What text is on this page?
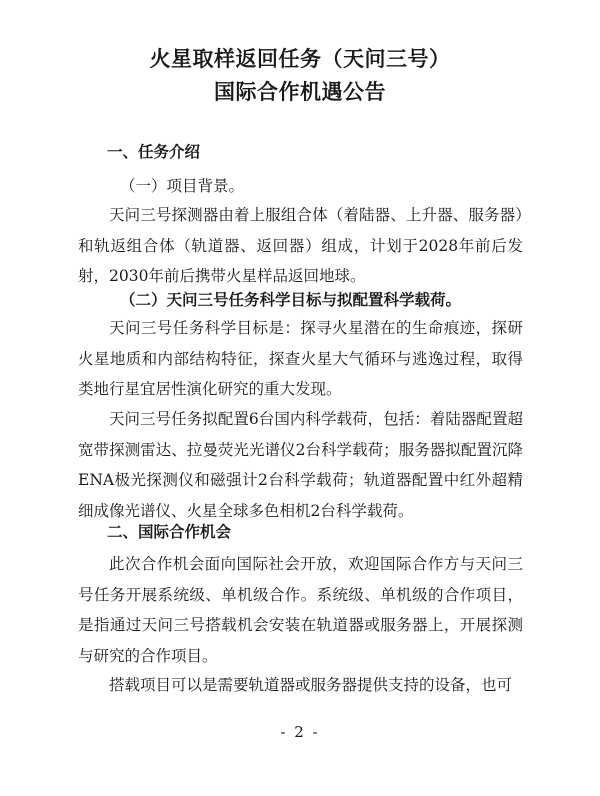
火星取样返回任务（天问三号）
国际合作机遇公告
一、任务介绍
（一）项目背景。

天问三号探测器由着上服组合体（着陆器、上升器、服务器）和轨返组合体（轨道器、返回器）组成，计划于2028年前后发射，2030年前后携带火星样品返回地球。

（二）天问三号任务科学目标与拟配置科学载荷。

天问三号任务科学目标是：探寻火星潜在的生命痕迹，探研火星地质和内部结构特征，探查火星大气循环与逃逸过程，取得类地行星宜居性演化研究的重大发现。

天问三号任务拟配置6台国内科学载荷，包括：着陆器配置超宽带探测雷达、拉曼荧光光谱仪2台科学载荷；服务器拟配置沉降ENA极光探测仪和磁强计2台科学载荷；轨道器配置中红外超精细成像光谱仪、火星全球多色相机2台科学载荷。

二、国际合作机会

此次合作机会面向国际社会开放，欢迎国际合作方与天问三号任务开展系统级、单机级合作。系统级、单机级的合作项目，是指通过天问三号搭载机会安装在轨道器或服务器上，开展探测与研究的合作项目。

搭载项目可以是需要轨道器或服务器提供支持的设备，也可

- 2 -
